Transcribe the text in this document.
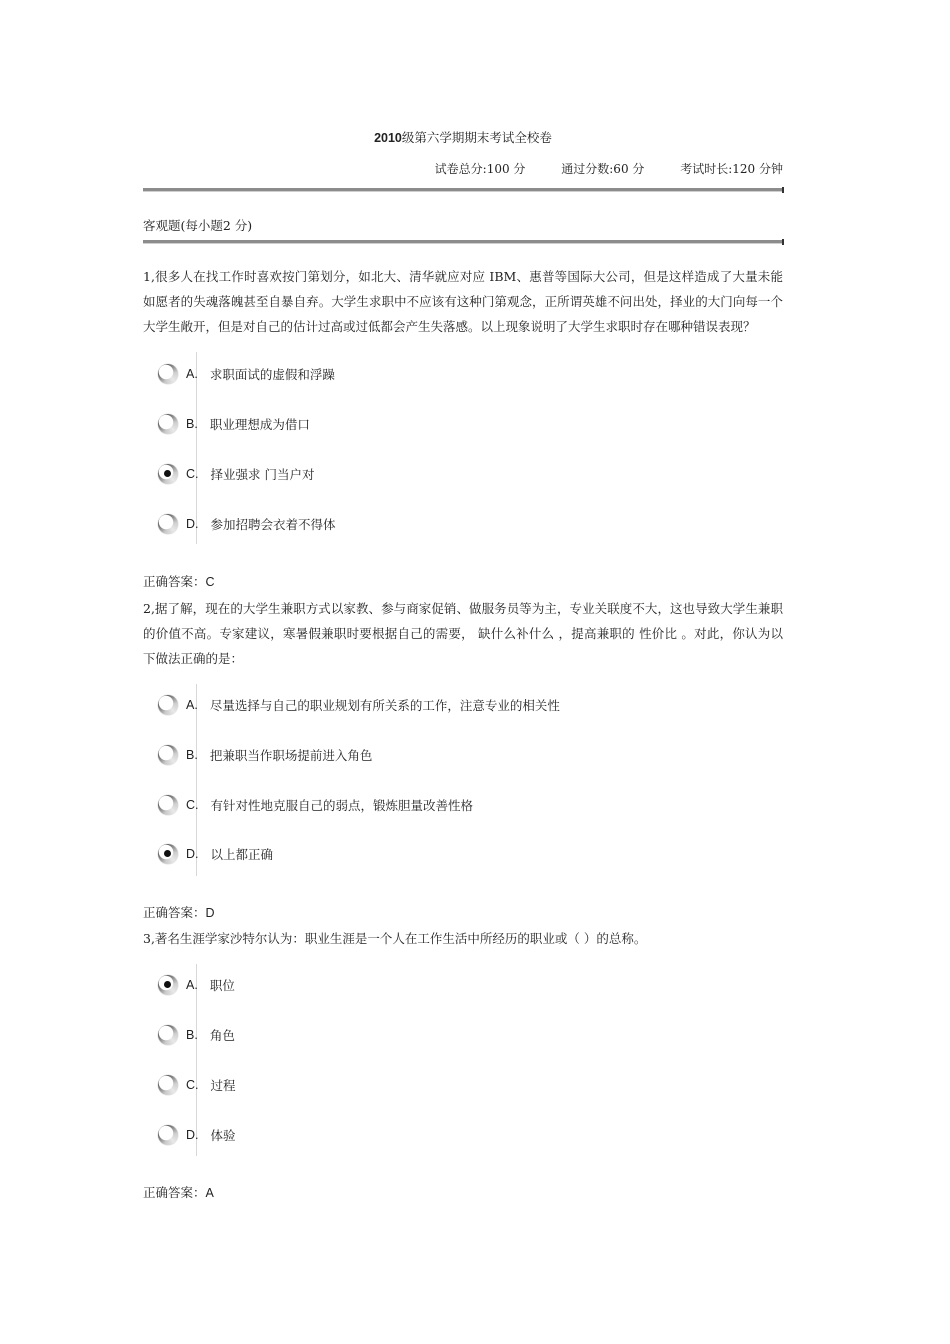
2010级第六学期期末考试全校卷
试卷总分:100 分	通过分数:60 分	考试时长:120 分钟
客观题(每小题2 分)
1,很多人在找工作时喜欢按门第划分，如北大、清华就应对应 IBM、惠普等国际大公司，但是这样造成了大量未能如愿者的失魂落魄甚至自暴自弃。大学生求职中不应该有这种门第观念，正所谓英雄不问出处，择业的大门向每一个大学生敞开，但是对自己的估计过高或过低都会产生失落感。以上现象说明了大学生求职时存在哪种错误表现？
A. 求职面试的虚假和浮躁
B. 职业理想成为借口
C. 择业强求 门当户对
D. 参加招聘会衣着不得体
正确答案：C
2,据了解，现在的大学生兼职方式以家教、参与商家促销、做服务员等为主，专业关联度不大，这也导致大学生兼职的价值不高。专家建议，寒暑假兼职时要根据自己的需要， 缺什么补什么 ，提高兼职的 性价比 。对此，你认为以下做法正确的是：
A. 尽量选择与自己的职业规划有所关系的工作，注意专业的相关性
B. 把兼职当作职场提前进入角色
C. 有针对性地克服自己的弱点，锻炼胆量改善性格
D. 以上都正确
正确答案：D
3,著名生涯学家沙特尔认为：职业生涯是一个人在工作生活中所经历的职业或（ ）的总称。
A. 职位
B. 角色
C. 过程
D. 体验
正确答案：A
